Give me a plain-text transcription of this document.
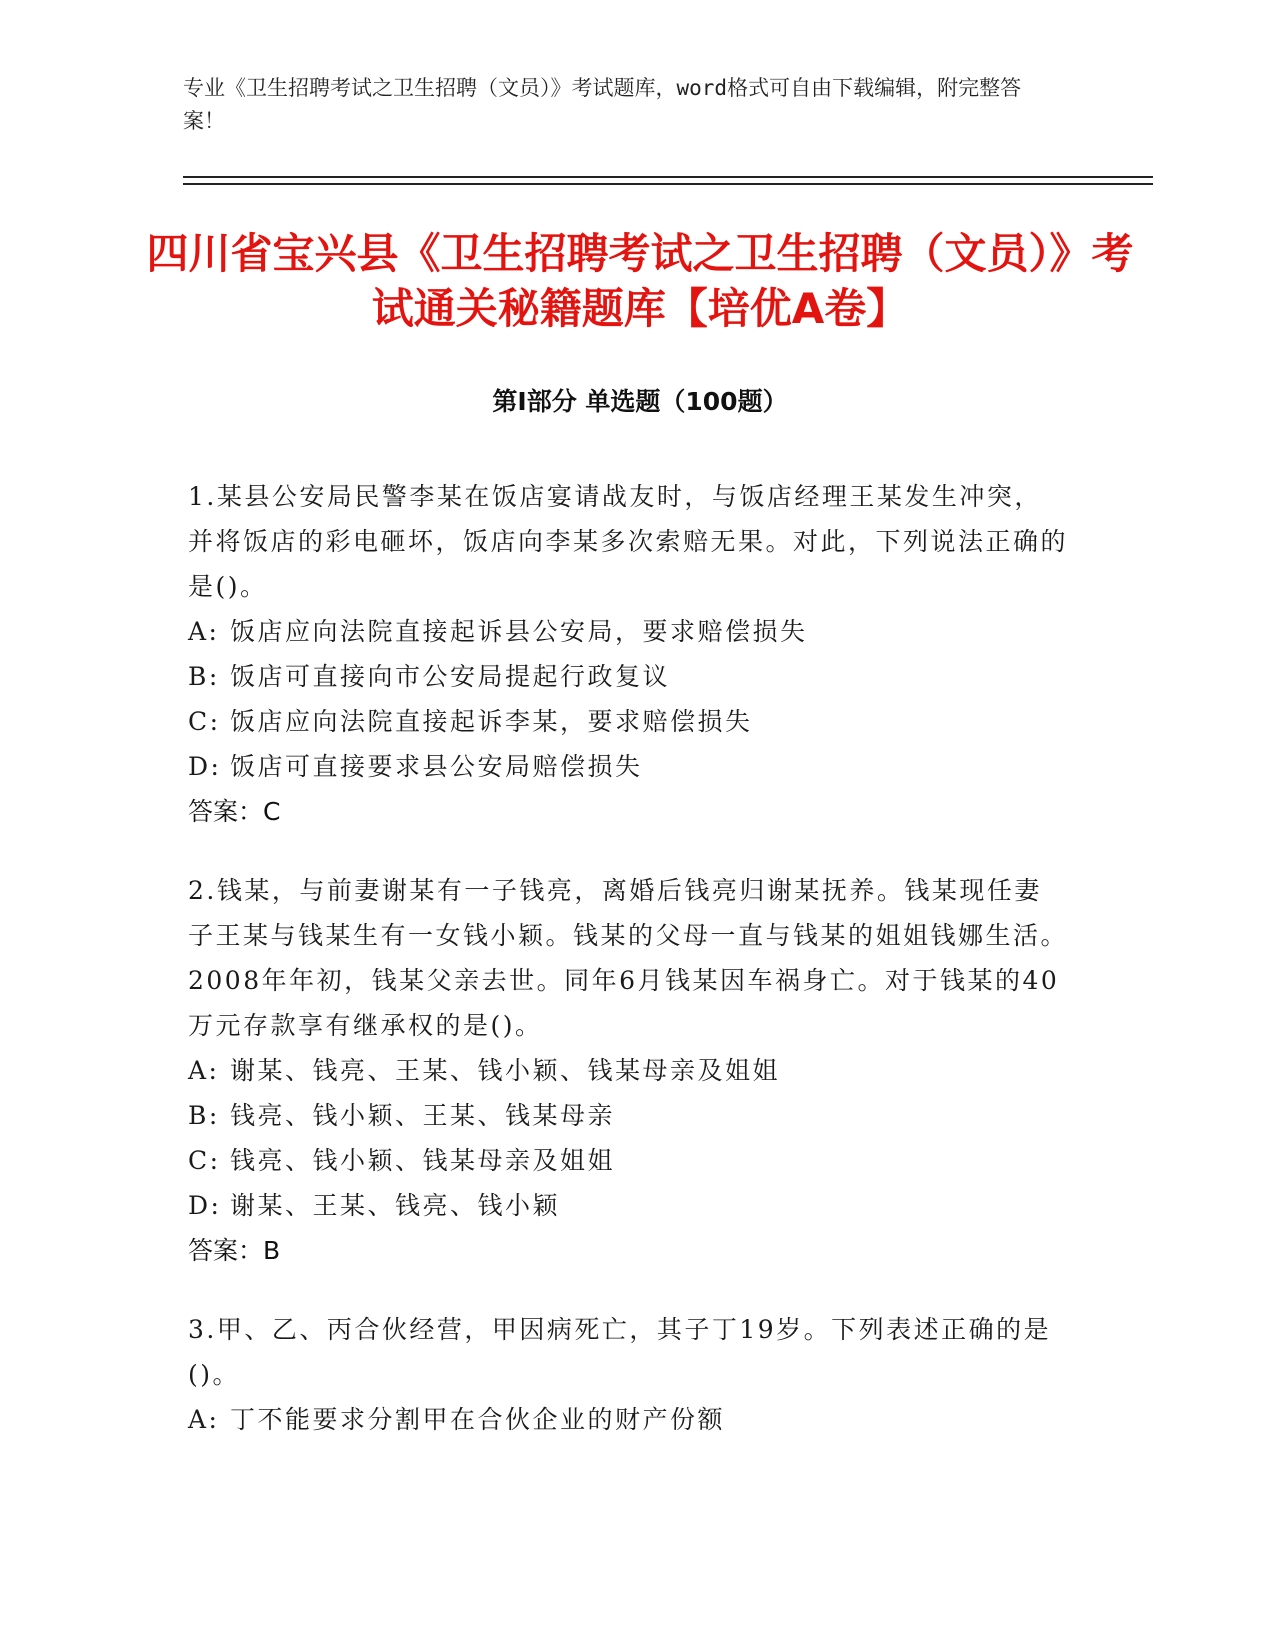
专业《卫生招聘考试之卫生招聘（文员）》考试题库，word格式可自由下载编辑，附完整答案！

四川省宝兴县《卫生招聘考试之卫生招聘（文员）》考试通关秘籍题库【培优A卷】
第I部分 单选题（100题）

1.某县公安局民警李某在饭店宴请战友时，与饭店经理王某发生冲突，并将饭店的彩电砸坏，饭店向李某多次索赔无果。对此，下列说法正确的是()。

A: 饭店应向法院直接起诉县公安局，要求赔偿损失

B: 饭店可直接向市公安局提起行政复议

C: 饭店应向法院直接起诉李某，要求赔偿损失

D: 饭店可直接要求县公安局赔偿损失

答案：C

2.钱某，与前妻谢某有一子钱亮，离婚后钱亮归谢某抚养。钱某现任妻子王某与钱某生有一女钱小颖。钱某的父母一直与钱某的姐姐钱娜生活。2008年年初，钱某父亲去世。同年6月钱某因车祸身亡。对于钱某的40万元存款享有继承权的是()。

A: 谢某、钱亮、王某、钱小颖、钱某母亲及姐姐

B: 钱亮、钱小颖、王某、钱某母亲

C: 钱亮、钱小颖、钱某母亲及姐姐

D: 谢某、王某、钱亮、钱小颖

答案：B

3.甲、乙、丙合伙经营，甲因病死亡，其子丁19岁。下列表述正确的是()。

A: 丁不能要求分割甲在合伙企业的财产份额
